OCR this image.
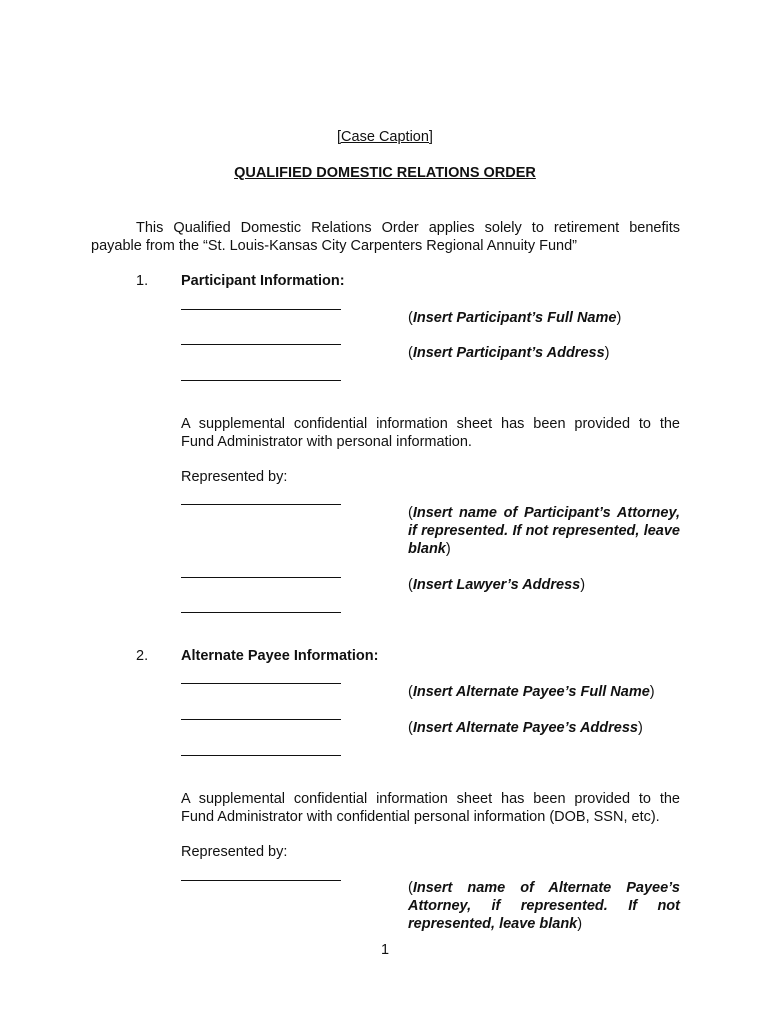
[Case Caption]
QUALIFIED DOMESTIC RELATIONS ORDER
This Qualified Domestic Relations Order applies solely to retirement benefits
payable from the “St. Louis-Kansas City Carpenters Regional Annuity Fund”
1. Participant Information:
(Insert Participant’s Full Name)
(Insert Participant’s Address)
A supplemental confidential information sheet has been provided to the
Fund Administrator with personal information.
Represented by:
(Insert name of Participant’s Attorney, if represented. If not represented, leave blank)
(Insert Lawyer’s Address)
2. Alternate Payee Information:
(Insert Alternate Payee’s Full Name)
(Insert Alternate Payee’s Address)
A supplemental confidential information sheet has been provided to the
Fund Administrator with confidential personal information (DOB, SSN, etc).
Represented by:
(Insert name of Alternate Payee’s Attorney, if represented. If not represented, leave blank)
1
